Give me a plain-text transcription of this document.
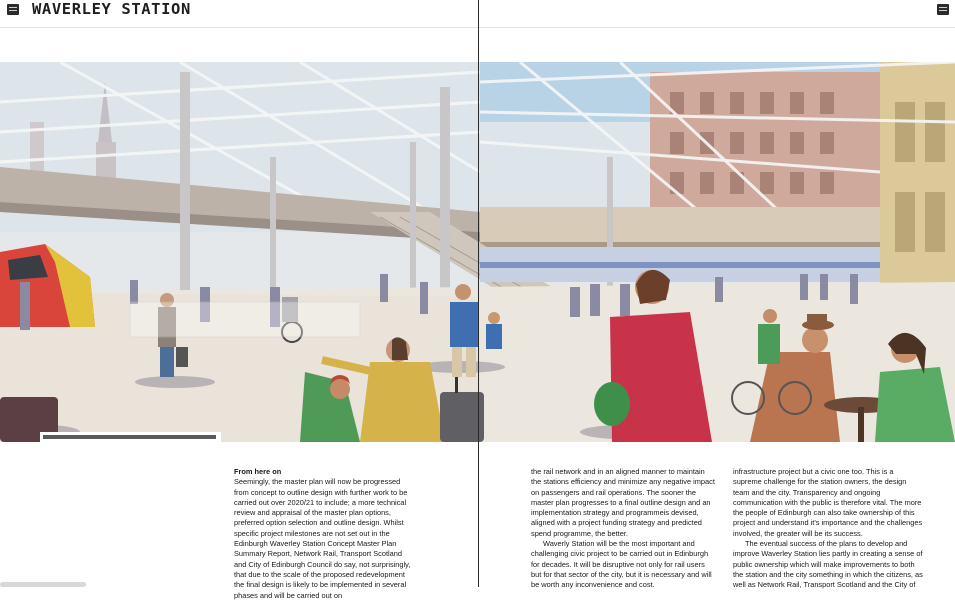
WAVERLEY STATION

From here on

Seemingly, the master plan will now be progressed from concept to outline design with further work to be carried out over 2020/21 to include; a more technical review and appraisal of the master plan options, preferred option selection and outline design. Whilst specific project milestones are not set out in the Edinburgh Waverley Station Concept Master Plan Summary Report, Network Rail, Transport Scotland and City of Edinburgh Council do say, not surprisingly, that due to the scale of the proposed redevelopment the final design is likely to be implemented in several phases and will be carried out on

the rail network and in an aligned manner to maintain the stations efficiency and minimize any negative impact on passengers and rail operations. The sooner the master plan progresses to a final outline design and an implementation strategy and programmeis devised, aligned with a project funding strategy and predicted spend programme, the better.

Waverly Station will be the most important and challenging civic project to be carried out in Edinburgh for decades. It will be disruptive not only for rail users but for that sector of the city, but it is necessary and will be worth any inconvenience and cost.

infrastructure project but a civic one too. This is a supreme challenge for the station owners, the design team and the city. Transparency and ongoing communication with the public is therefore vital. The more the people of Edinburgh can also take ownership of this project and understand it's importance and the challenges involved, the greater will be its success.

The eventual success of the plans to develop and improve Waverley Station lies partly in creating a sense of public ownership which will make improvements to both the station and the city something in which the citizens, as well as Network Rail, Transport Scotland and the City of
